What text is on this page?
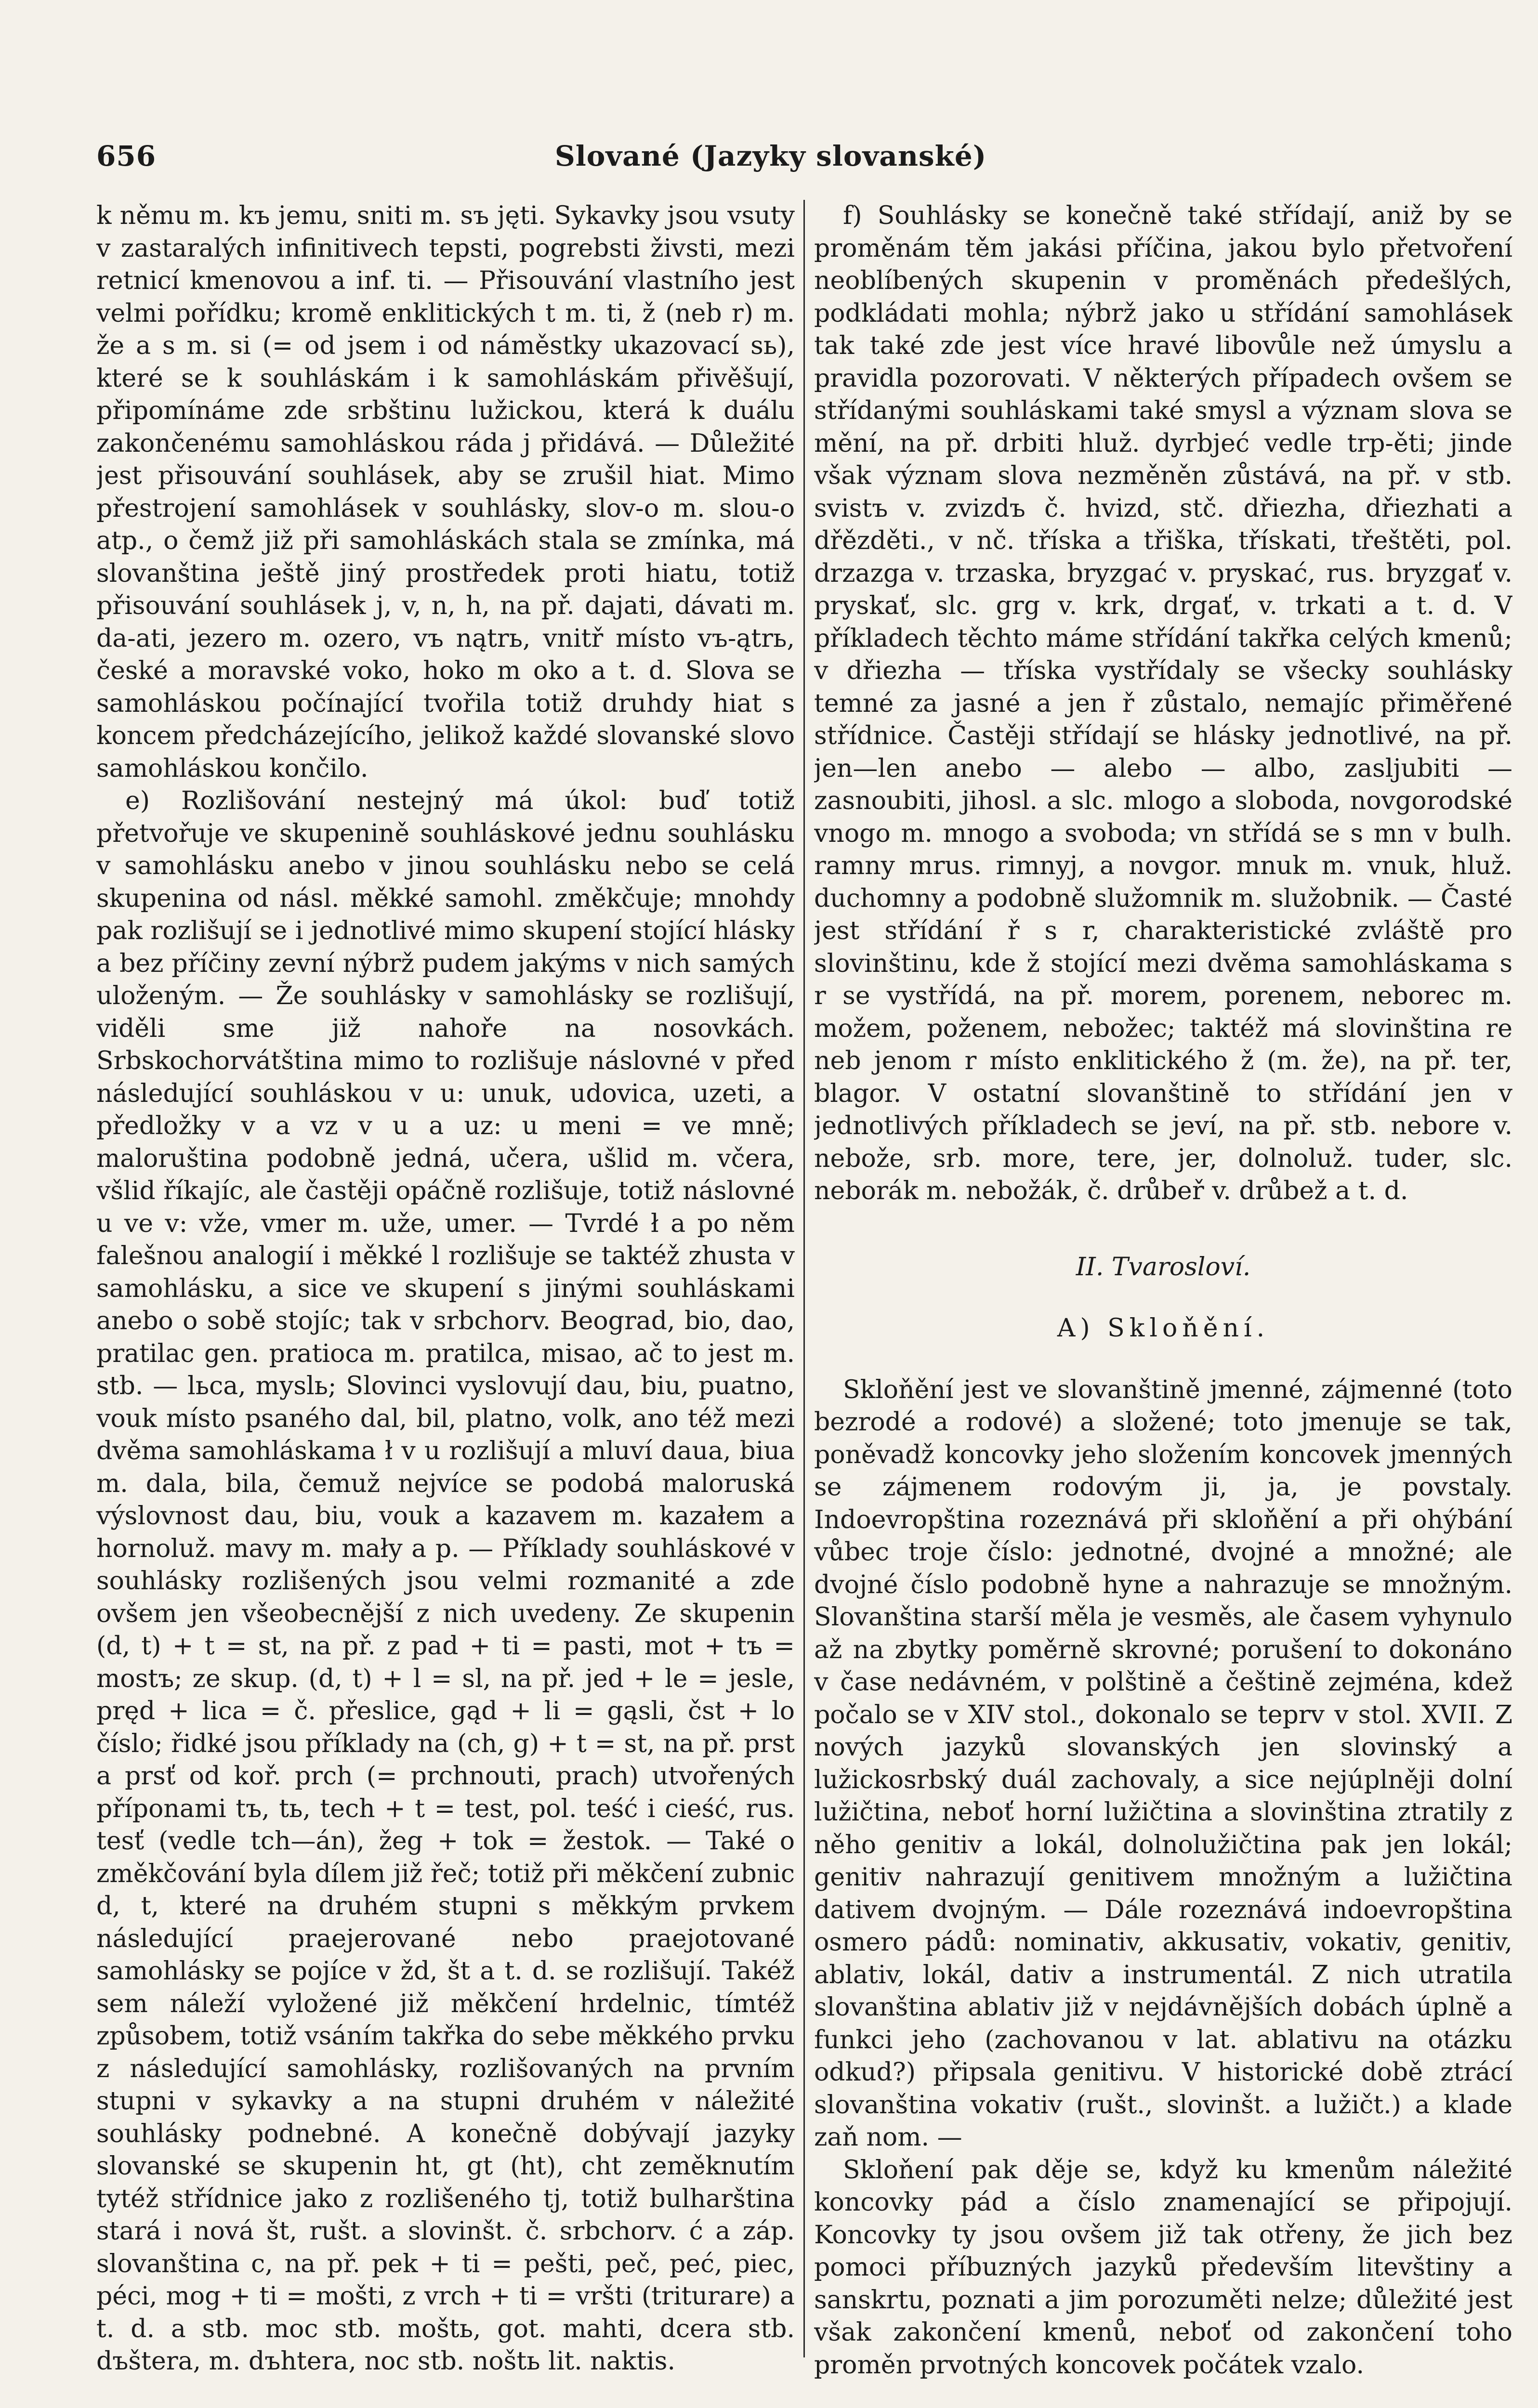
656	Slované (Jazyky slovanské)

k němu m. kъ jemu, sniti m. sъ jęti. Sykavky jsou vsuty v zastaralých infinitivech tepsti, pogrebsti živsti, mezi retnicí kmenovou a inf. ti. — Přisouvání vlastního jest velmi pořídku; kromě enklitických t m. ti, ž (neb r) m. že a s m. si (= od jsem i od náměstky ukazovací sь), které se k souhláskám i k samohláskám přivěšují, připomínáme zde srbštinu lužickou, která k duálu zakončenému samohláskou ráda j přidává. — Důležité jest přisouvání souhlásek, aby se zrušil hiat. Mimo přestrojení samohlásek v souhlásky, slov-o m. slou-o atp., o čemž již při samohláskách stala se zmínka, má slovanština ještě jiný prostředek proti hiatu, totiž přisouvání souhlásek j, v, n, h, na př. dajati, dávati m. da-ati, jezero m. ozero, vъ nątrь, vnitř místo vъ-ątrь, české a moravské voko, hoko m oko a t. d. Slova se samohláskou počínající tvořila totiž druhdy hiat s koncem předcházejícího, jelikož každé slovanské slovo samohláskou končilo.

e) Rozlišování nestejný má úkol: buď totiž přetvořuje ve skupenině souhláskové jednu souhlásku v samohlásku anebo v jinou souhlásku nebo se celá skupenina od násl. měkké samohl. změkčuje; mnohdy pak rozlišují se i jednotlivé mimo skupení stojící hlásky a bez příčiny zevní nýbrž pudem jakýms v nich samých uloženým. — Že souhlásky v samohlásky se rozlišují, viděli sme již nahoře na nosovkách. Srbskochorvátština mimo to rozlišuje náslovné v před následující souhláskou v u: unuk, udovica, uzeti, a předložky v a vz v u a uz: u meni = ve mně; maloruština podobně jedná, učera, ušlid m. včera, všlid říkajíc, ale častěji opáčně rozlišuje, totiž náslovné u ve v: vže, vmer m. uže, umer. — Tvrdé ł a po něm falešnou analogií i měkké l rozlišuje se taktéž zhusta v samohlásku, a sice ve skupení s jinými souhláskami anebo o sobě stojíc; tak v srbchorv. Beograd, bio, dao, pratilac gen. pratioca m. pratilca, misao, ač to jest m. stb. — lьca, myslь; Slovinci vyslovují dau, biu, puatno, vouk místo psaného dal, bil, platno, volk, ano též mezi dvěma samohláskama ł v u rozlišují a mluví daua, biua m. dala, bila, čemuž nejvíce se podobá maloruská výslovnost dau, biu, vouk a kazavem m. kazałem a hornoluž. mavy m. mały a p. — Příklady souhláskové v souhlásky rozlišených jsou velmi rozmanité a zde ovšem jen všeobecnější z nich uvedeny. Ze skupenin (d, t) + t = st, na př. z pad + ti = pasti, mot + tъ = mostъ; ze skup. (d, t) + l = sl, na př. jed + le = jesle, pręd + lica = č. přeslice, gąd + li = gąsli, čst + lo číslo; řidké jsou příklady na (ch, g) + t = st, na př. prst a prsť od koř. prch (= prchnouti, prach) utvořených příponami tъ, tь, tech + t = test, pol. teść i cieść, rus. tesť (vedle tch—án), žeg + tok = žestok. — Také o změkčování byla dílem již řeč; totiž při měkčení zubnic d, t, které na druhém stupni s měkkým prvkem následující praejerované nebo praejotované samohlásky se pojíce v žd, št a t. d. se rozlišují. Takéž sem náleží vyložené již měkčení hrdelnic, tímtéž způsobem, totiž vsáním takřka do sebe měkkého prvku z následující samohlásky, rozlišovaných na prvním stupni v sykavky a na stupni druhém v náležité souhlásky podnebné. A konečně dobývají jazyky slovanské se skupenin ht, gt (ht), cht zeměknutím tytéž střídnice jako z rozlišeného tj, totiž bulharština stará i nová št, rušt. a slovinšt. č. srbchorv. ć a záp. slovanština c, na př. pek + ti = pešti, peč, peć, piec, péci, mog + ti = mošti, z vrch + ti = vršti (triturare) a t. d. a stb. moc stb. moštь, got. mahti, dcera stb. dъštera, m. dъhtera, noc stb. noštь lit. naktis.

f) Souhlásky se konečně také střídají, aniž by se proměnám těm jakási příčina, jakou bylo přetvoření neoblíbených skupenin v proměnách předešlých, podkládati mohla; nýbrž jako u střídání samohlásek tak také zde jest více hravé libovůle než úmyslu a pravidla pozorovati. V některých případech ovšem se střídanými souhláskami také smysl a význam slova se mění, na př. drbiti hluž. dyrbjeć vedle trp-ěti; jinde však význam slova nezměněn zůstává, na př. v stb. svistъ v. zvizdъ č. hvizd, stč. dřiezha, dřiezhati a dřězděti., v nč. tříska a třiška, třískati, třeštěti, pol. drzazga v. trzaska, bryzgać v. pryskać, rus. bryzgať v. pryskať, slc. grg v. krk, drgať, v. trkati a t. d. V příkladech těchto máme střídání takřka celých kmenů; v dřiezha — tříska vystřídaly se všecky souhlásky temné za jasné a jen ř zůstalo, nemajíc přiměřené střídnice. Častěji střídají se hlásky jednotlivé, na př. jen—len anebo — alebo — albo, zasljubiti — zasnoubiti, jihosl. a slc. mlogo a sloboda, novgorodské vnogo m. mnogo a svoboda; vn střídá se s mn v bulh. ramny mrus. rimnyj, a novgor. mnuk m. vnuk, hluž. duchomny a podobně služomnik m. služobnik. — Časté jest střídání ř s r, charakteristické zvláště pro slovinštinu, kde ž stojící mezi dvěma samohláskama s r se vystřídá, na př. morem, porenem, neborec m. možem, poženem, nebožec; taktéž má slovinština re neb jenom r místo enklitického ž (m. že), na př. ter, blagor. V ostatní slovanštině to střídání jen v jednotlivých příkladech se jeví, na př. stb. nebore v. nebože, srb. more, tere, jer, dolnoluž. tuder, slc. neborák m. nebožák, č. drůbeř v. drůbež a t. d.

II. Tvarosloví.
A) Skloňění.

Skloňění jest ve slovanštině jmenné, zájmenné (toto bezrodé a rodové) a složené; toto jmenuje se tak, poněvadž koncovky jeho složením koncovek jmenných se zájmenem rodovým ji, ja, je povstaly. Indoevropština rozeznává při skloňění a při ohýbání vůbec troje číslo: jednotné, dvojné a množné; ale dvojné číslo podobně hyne a nahrazuje se množným. Slovanština starší měla je vesměs, ale časem vyhynulo až na zbytky poměrně skrovné; porušení to dokonáno v čase nedávném, v polštině a češtině zejména, kdež počalo se v XIV stol., dokonalo se teprv v stol. XVII. Z nových jazyků slovanských jen slovinský a lužickosrbský duál zachovaly, a sice nejúplněji dolní lužičtina, neboť horní lužičtina a slovinština ztratily z něho genitiv a lokál, dolnolužičtina pak jen lokál; genitiv nahrazují genitivem množným a lužičtina dativem dvojným. — Dále rozeznává indoevropština osmero pádů: nominativ, akkusativ, vokativ, genitiv, ablativ, lokál, dativ a instrumentál. Z nich utratila slovanština ablativ již v nejdávnějších dobách úplně a funkci jeho (zachovanou v lat. ablativu na otázku odkud?) připsala genitivu. V historické době ztrácí slovanština vokativ (rušt., slovinšt. a lužičt.) a klade zaň nom. —

Skloňení pak děje se, když ku kmenům náležité koncovky pád a číslo znamenající se připojují. Koncovky ty jsou ovšem již tak otřeny, že jich bez pomoci příbuzných jazyků především litevštiny a sanskrtu, poznati a jim porozuměti nelze; důležité jest však zakončení kmenů, neboť od zakončení toho proměn prvotných koncovek počátek vzalo.
